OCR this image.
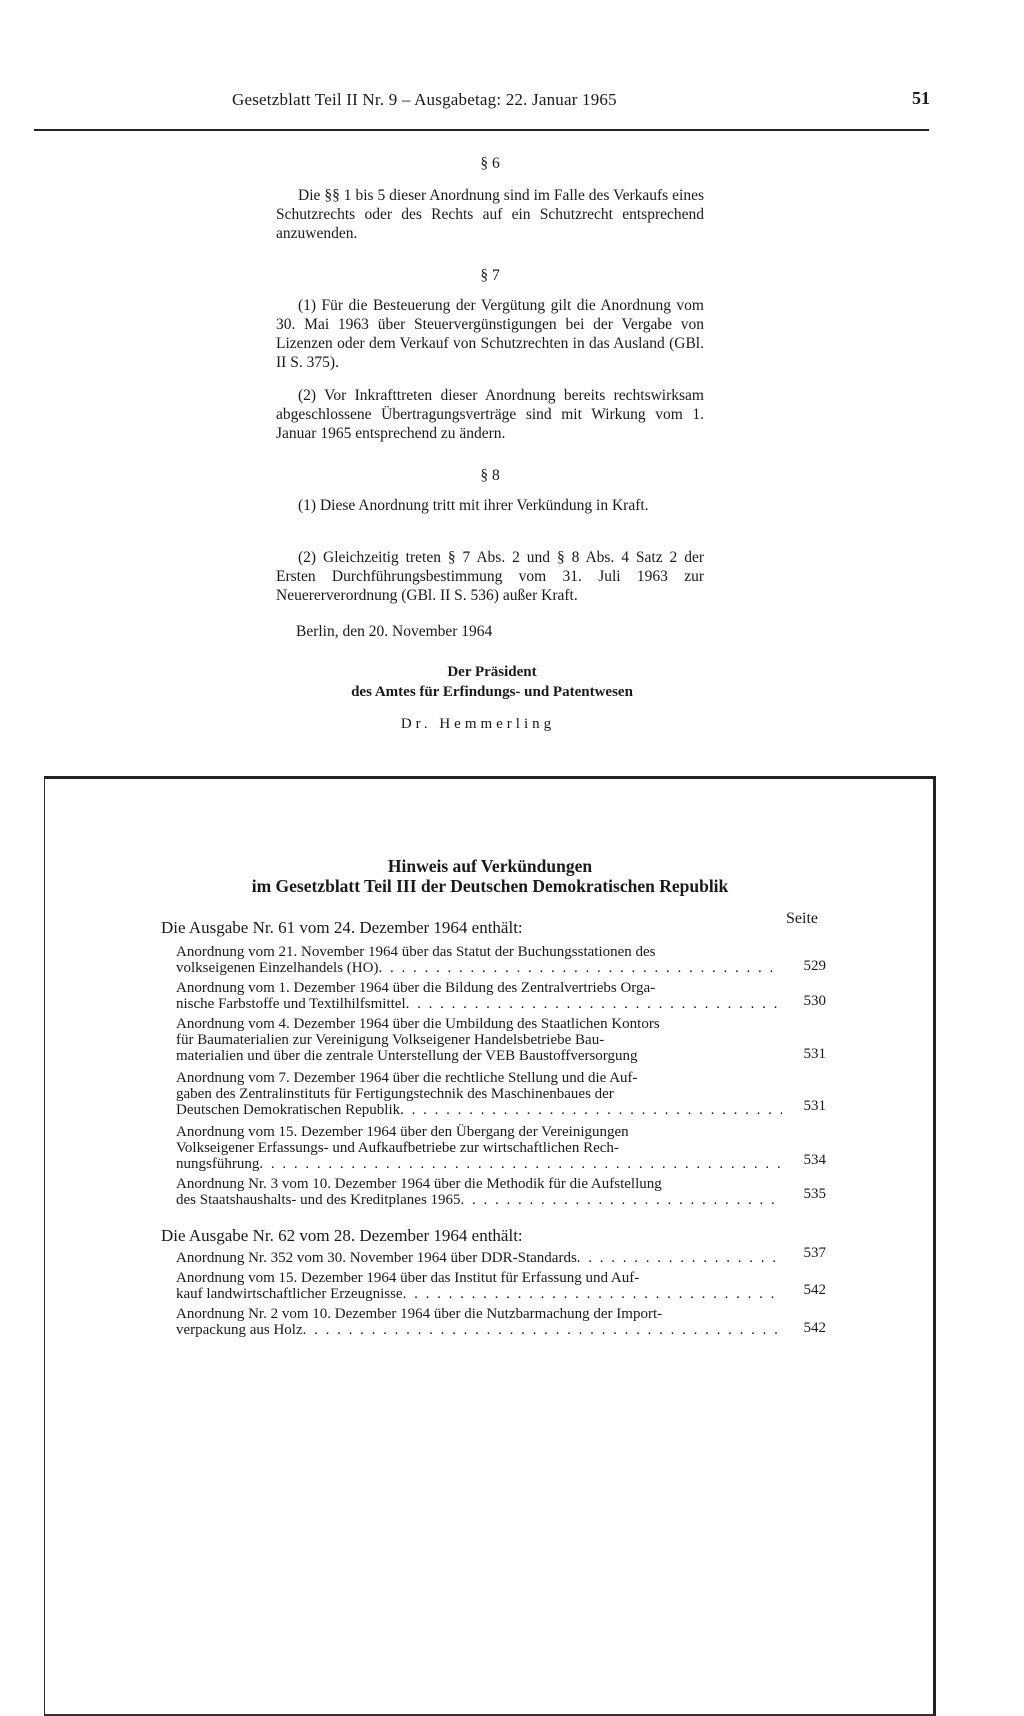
Gesetzblatt Teil II Nr. 9 – Ausgabetag: 22. Januar 1965	51
§ 6
Die §§ 1 bis 5 dieser Anordnung sind im Falle des Verkaufs eines Schutzrechts oder des Rechts auf ein Schutzrecht entsprechend anzuwenden.
§ 7
(1) Für die Besteuerung der Vergütung gilt die Anordnung vom 30. Mai 1963 über Steuervergünstigungen bei der Vergabe von Lizenzen oder dem Verkauf von Schutzrechten in das Ausland (GBl. II S. 375).
(2) Vor Inkrafttreten dieser Anordnung bereits rechtswirksam abgeschlossene Übertragungsverträge sind mit Wirkung vom 1. Januar 1965 entsprechend zu ändern.
§ 8
(1) Diese Anordnung tritt mit ihrer Verkündung in Kraft.
(2) Gleichzeitig treten § 7 Abs. 2 und § 8 Abs. 4 Satz 2 der Ersten Durchführungsbestimmung vom 31. Juli 1963 zur Neuererverordnung (GBl. II S. 536) außer Kraft.
Berlin, den 20. November 1964
Der Präsident
des Amtes für Erfindungs- und Patentwesen
Dr. Hemmerling
Hinweis auf Verkündungen
im Gesetzblatt Teil III der Deutschen Demokratischen Republik
Die Ausgabe Nr. 61 vom 24. Dezember 1964 enthält:	Seite
Anordnung vom 21. November 1964 über das Statut der Buchungsstationen des
volkseigenen Einzelhandels (HO) . . .	529
Anordnung vom 1. Dezember 1964 über die Bildung des Zentralvertriebs Orga-
nische Farbstoffe und Textilhilfsmittel . . .	530
Anordnung vom 4. Dezember 1964 über die Umbildung des Staatlichen Kontors
für Baumaterialien zur Vereinigung Volkseigener Handelsbetriebe Bau-
materialien und über die zentrale Unterstellung der VEB Baustoffversorgung	531
Anordnung vom 7. Dezember 1964 über die rechtliche Stellung und die Auf-
gaben des Zentralinstituts für Fertigungstechnik des Maschinenbaues der
Deutschen Demokratischen Republik . . .	531
Anordnung vom 15. Dezember 1964 über den Übergang der Vereinigungen
Volkseigener Erfassungs- und Aufkaufbetriebe zur wirtschaftlichen Rech-
nungsführung . . .	534
Anordnung Nr. 3 vom 10. Dezember 1964 über die Methodik für die Aufstellung
des Staatshaushalts- und des Kreditplanes 1965 . . .	535
Die Ausgabe Nr. 62 vom 28. Dezember 1964 enthält:
Anordnung Nr. 352 vom 30. November 1964 über DDR-Standards . . .	537
Anordnung vom 15. Dezember 1964 über das Institut für Erfassung und Auf-
kauf landwirtschaftlicher Erzeugnisse . . .	542
Anordnung Nr. 2 vom 10. Dezember 1964 über die Nutzbarmachung der Import-
verpackung aus Holz . . .	542
